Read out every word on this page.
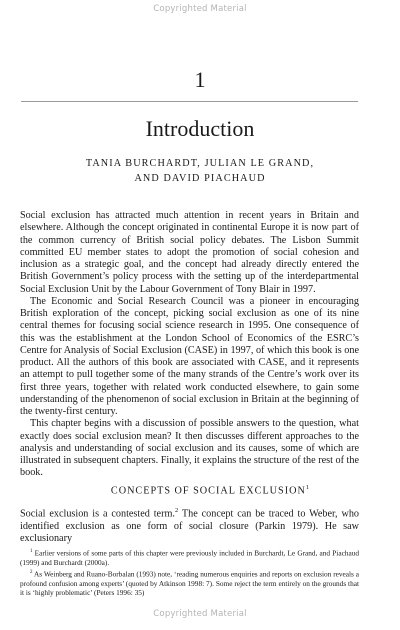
Copyrighted Material
1
Introduction
TANIA BURCHARDT, JULIAN LE GRAND,
AND DAVID PIACHAUD

Social exclusion has attracted much attention in recent years in Britain and elsewhere. Although the concept originated in continental Europe it is now part of the common currency of British social policy debates. The Lisbon Summit committed EU member states to adopt the promotion of social cohesion and inclusion as a strategic goal, and the concept had already directly entered the British Government’s policy process with the setting up of the interdepartmental Social Exclusion Unit by the Labour Government of Tony Blair in 1997.

The Economic and Social Research Council was a pioneer in encouraging British exploration of the concept, picking social exclusion as one of its nine central themes for focusing social science research in 1995. One consequence of this was the establishment at the London School of Economics of the ESRC’s Centre for Analysis of Social Exclusion (CASE) in 1997, of which this book is one product. All the authors of this book are associated with CASE, and it represents an attempt to pull together some of the many strands of the Centre’s work over its first three years, together with related work conducted elsewhere, to gain some understanding of the phenomenon of social exclusion in Britain at the beginning of the twenty-first century.

This chapter begins with a discussion of possible answers to the question, what exactly does social exclusion mean? It then discusses different approaches to the analysis and understanding of social exclusion and its causes, some of which are illustrated in subsequent chapters. Finally, it explains the structure of the rest of the book.

CONCEPTS OF SOCIAL EXCLUSION$^1$
Social exclusion is a contested term.$^2$ The concept can be traced to Weber, who identified exclusion as one form of social closure (Parkin 1979). He saw exclusionary

$^1$ Earlier versions of some parts of this chapter were previously included in Burchardt, Le Grand, and Piachaud (1999) and Burchardt (2000a).

$^2$ As Weinberg and Ruano-Borbalan (1993) note, ‘reading numerous enquiries and reports on exclusion reveals a profound confusion among experts’ (quoted by Atkinson 1998: 7). Some reject the term entirely on the grounds that it is ‘highly problematic’ (Peters 1996: 35)

Copyrighted Material
